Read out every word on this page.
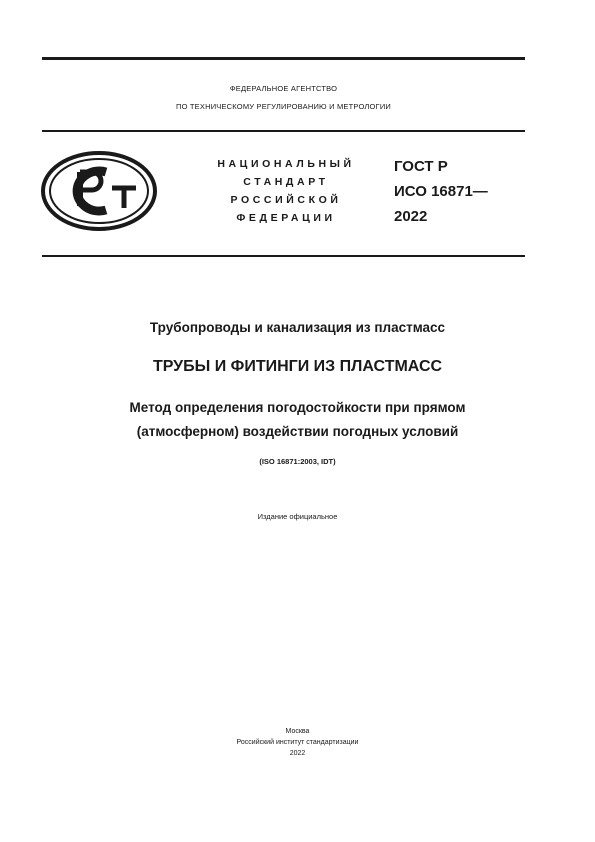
ФЕДЕРАЛЬНОЕ АГЕНТСТВО
ПО ТЕХНИЧЕСКОМУ РЕГУЛИРОВАНИЮ И МЕТРОЛОГИИ
НАЦИОНАЛЬНЫЙ
СТАНДАРТ
РОССИЙСКОЙ
ФЕДЕРАЦИИ
ГОСТ Р
ИСО 16871—
2022
Трубопроводы и канализация из пластмасс
ТРУБЫ И ФИТИНГИ ИЗ ПЛАСТМАСС
Метод определения погодостойкости при прямом
(атмосферном) воздействии погодных условий
(ISO 16871:2003, IDT)
Издание официальное
Москва
Российский институт стандартизации
2022
